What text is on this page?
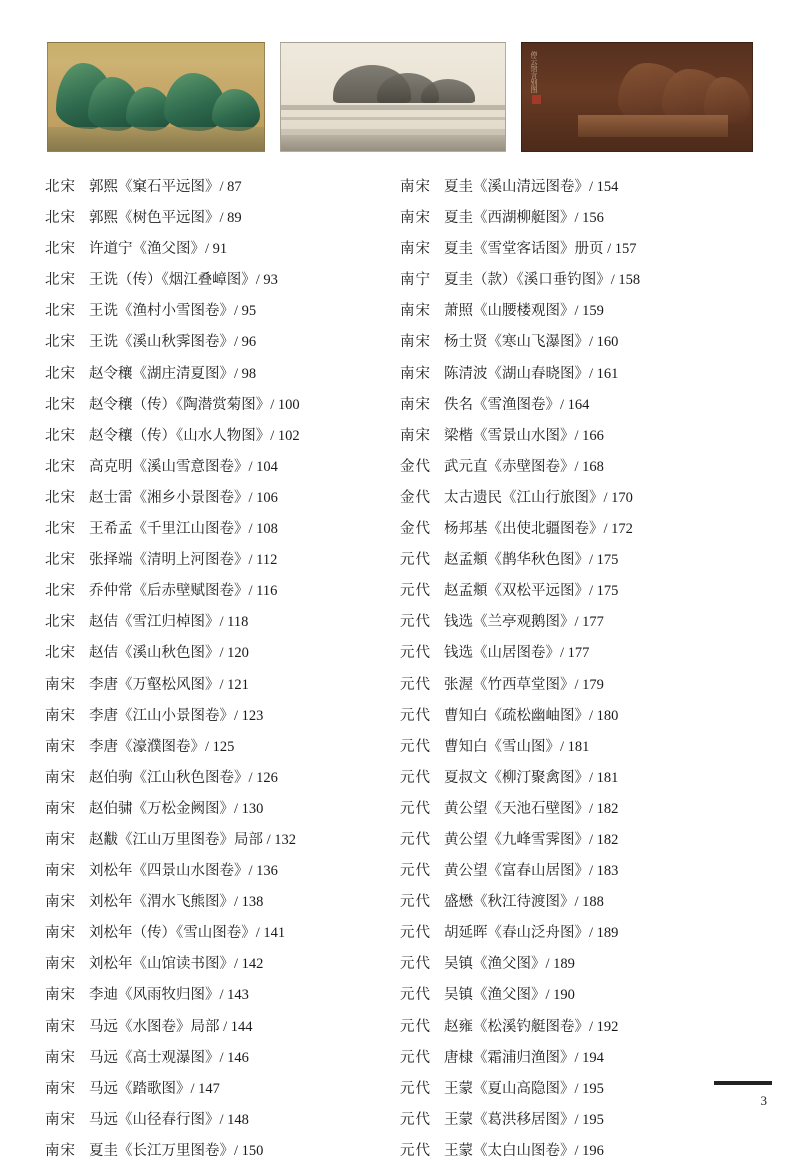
停云馆言别图
北宋 郭熙《窠石平远图》/ 87
北宋 郭熙《树色平远图》/ 89
北宋 许道宁《渔父图》/ 91
北宋 王诜（传）《烟江叠嶂图》/ 93
北宋 王诜《渔村小雪图卷》/ 95
北宋 王诜《溪山秋霁图卷》/ 96
北宋 赵令穰《湖庄清夏图》/ 98
北宋 赵令穰（传）《陶潜赏菊图》/ 100
北宋 赵令穰（传）《山水人物图》/ 102
北宋 高克明《溪山雪意图卷》/ 104
北宋 赵士雷《湘乡小景图卷》/ 106
北宋 王希孟《千里江山图卷》/ 108
北宋 张择端《清明上河图卷》/ 112
北宋 乔仲常《后赤壁赋图卷》/ 116
北宋 赵佶《雪江归棹图》/ 118
北宋 赵佶《溪山秋色图》/ 120
南宋 李唐《万壑松风图》/ 121
南宋 李唐《江山小景图卷》/ 123
南宋 李唐《濠濮图卷》/ 125
南宋 赵伯驹《江山秋色图卷》/ 126
南宋 赵伯骕《万松金阙图》/ 130
南宋 赵黻《江山万里图卷》局部 / 132
南宋 刘松年《四景山水图卷》/ 136
南宋 刘松年《渭水飞熊图》/ 138
南宋 刘松年（传）《雪山图卷》/ 141
南宋 刘松年《山馆读书图》/ 142
南宋 李迪《风雨牧归图》/ 143
南宋 马远《水图卷》局部 / 144
南宋 马远《高士观瀑图》/ 146
南宋 马远《踏歌图》/ 147
南宋 马远《山径春行图》/ 148
南宋 夏圭《长江万里图卷》/ 150
南宋 夏圭《溪山清远图卷》/ 154
南宋 夏圭《西湖柳艇图》/ 156
南宋 夏圭《雪堂客话图》册页 / 157
南宁 夏圭（款）《溪口垂钓图》/ 158
南宋 萧照《山腰楼观图》/ 159
南宋 杨士贤《寒山飞瀑图》/ 160
南宋 陈清波《湖山春晓图》/ 161
南宋 佚名《雪渔图卷》/ 164
南宋 梁楷《雪景山水图》/ 166
金代 武元直《赤壁图卷》/ 168
金代 太古遗民《江山行旅图》/ 170
金代 杨邦基《出使北疆图卷》/ 172
元代 赵孟頫《鹊华秋色图》/ 175
元代 赵孟頫《双松平远图》/ 175
元代 钱选《兰亭观鹅图》/ 177
元代 钱选《山居图卷》/ 177
元代 张渥《竹西草堂图》/ 179
元代 曹知白《疏松幽岫图》/ 180
元代 曹知白《雪山图》/ 181
元代 夏叔文《柳汀聚禽图》/ 181
元代 黄公望《天池石壁图》/ 182
元代 黄公望《九峰雪霁图》/ 182
元代 黄公望《富春山居图》/ 183
元代 盛懋《秋江待渡图》/ 188
元代 胡延晖《春山泛舟图》/ 189
元代 吴镇《渔父图》/ 189
元代 吴镇《渔父图》/ 190
元代 赵雍《松溪钓艇图卷》/ 192
元代 唐棣《霜浦归渔图》/ 194
元代 王蒙《夏山高隐图》/ 195
元代 王蒙《葛洪移居图》/ 195
元代 王蒙《太白山图卷》/ 196
3
